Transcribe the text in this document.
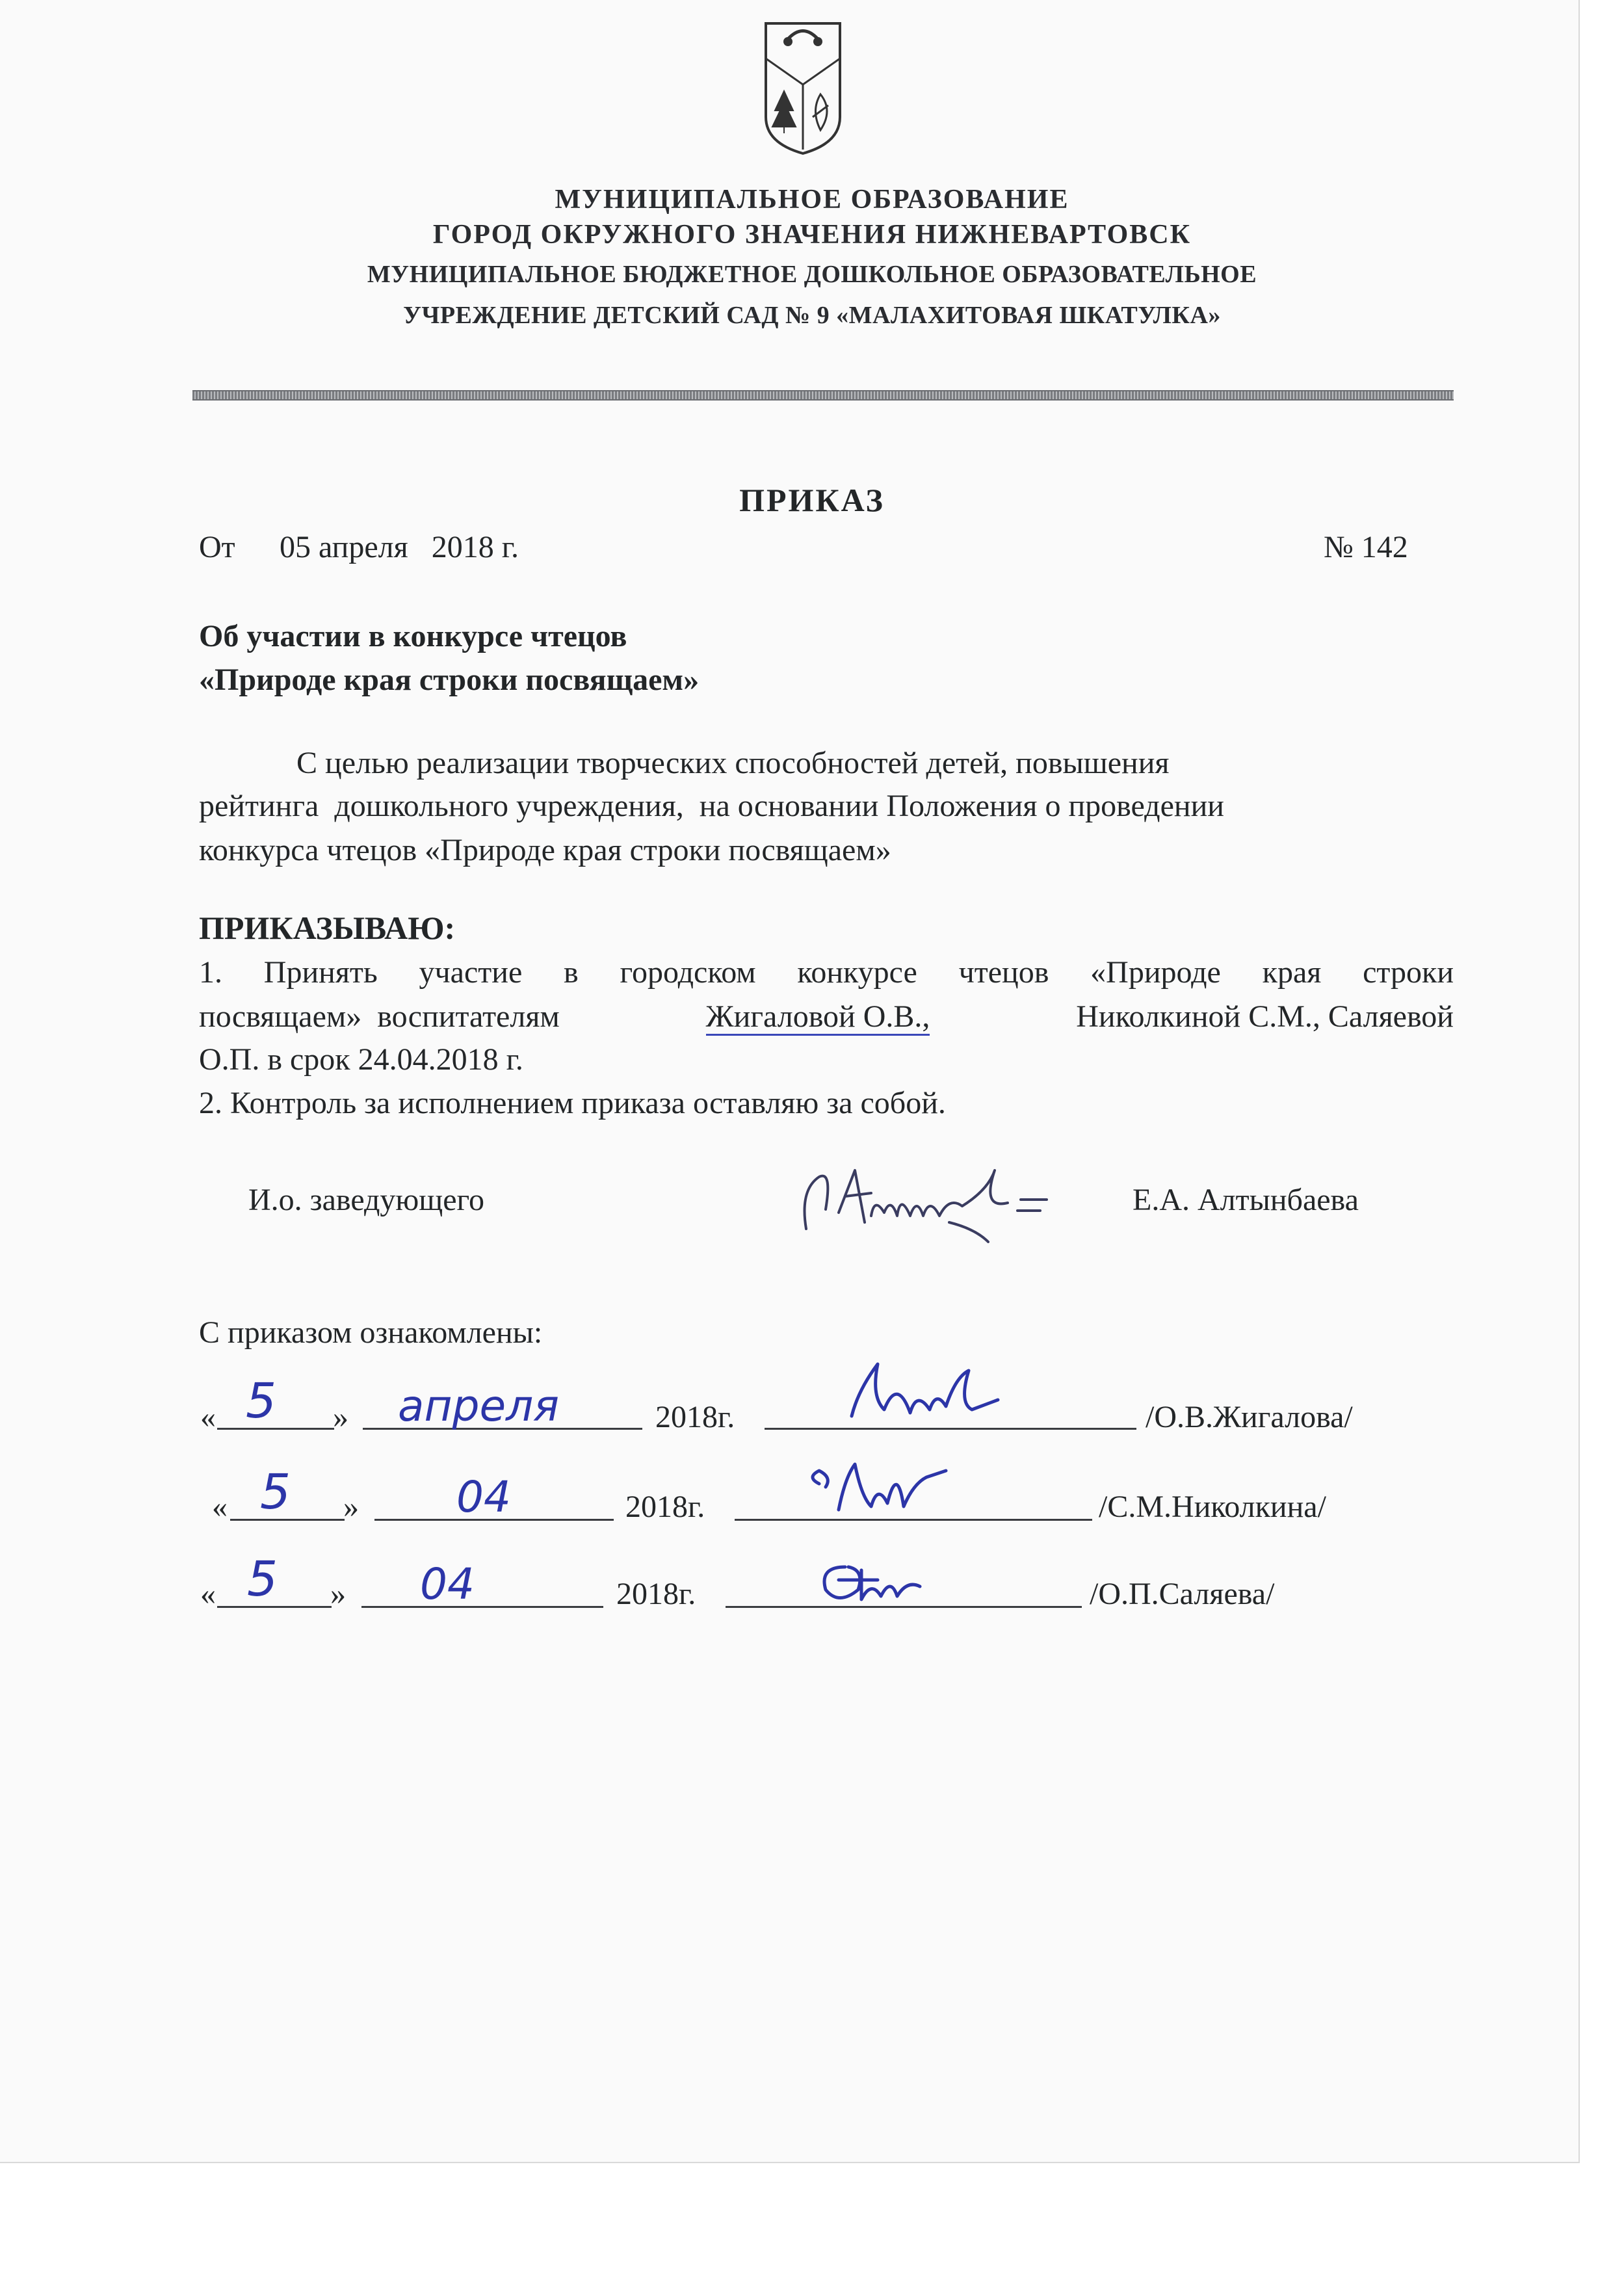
МУНИЦИПАЛЬНОЕ ОБРАЗОВАНИЕ
ГОРОД ОКРУЖНОГО ЗНАЧЕНИЯ НИЖНЕВАРТОВСК
МУНИЦИПАЛЬНОЕ БЮДЖЕТНОЕ ДОШКОЛЬНОЕ ОБРАЗОВАТЕЛЬНОЕ
УЧРЕЖДЕНИЕ ДЕТСКИЙ САД № 9 «МАЛАХИТОВАЯ ШКАТУЛКА»
ПРИКАЗ
От 05 апреля   2018 г.	№ 142
Об участии в конкурсе чтецов
«Природе края строки посвящаем»
С целью реализации творческих способностей детей, повышения
рейтинга  дошкольного учреждения,  на основании Положения о проведении
конкурса чтецов «Природе края строки посвящаем»
ПРИКАЗЫВАЮ:
1. Принять участие в городском конкурсе чтецов «Природе края строки
посвящаем»  воспитателям	Жигаловой О.В.,	Николкиной С.М., Саляевой
О.П. в срок 24.04.2018 г.
2. Контроль за исполнением приказа оставляю за собой.
И.о. заведующего	Е.А. Алтынбаева
С приказом ознакомлены:
« 5 » апреля	2018г.	/О.В.Жигалова/
« 5 » 04	2018г.	/С.М.Николкина/
« 5 » 04	2018г.	/О.П.Саляева/
